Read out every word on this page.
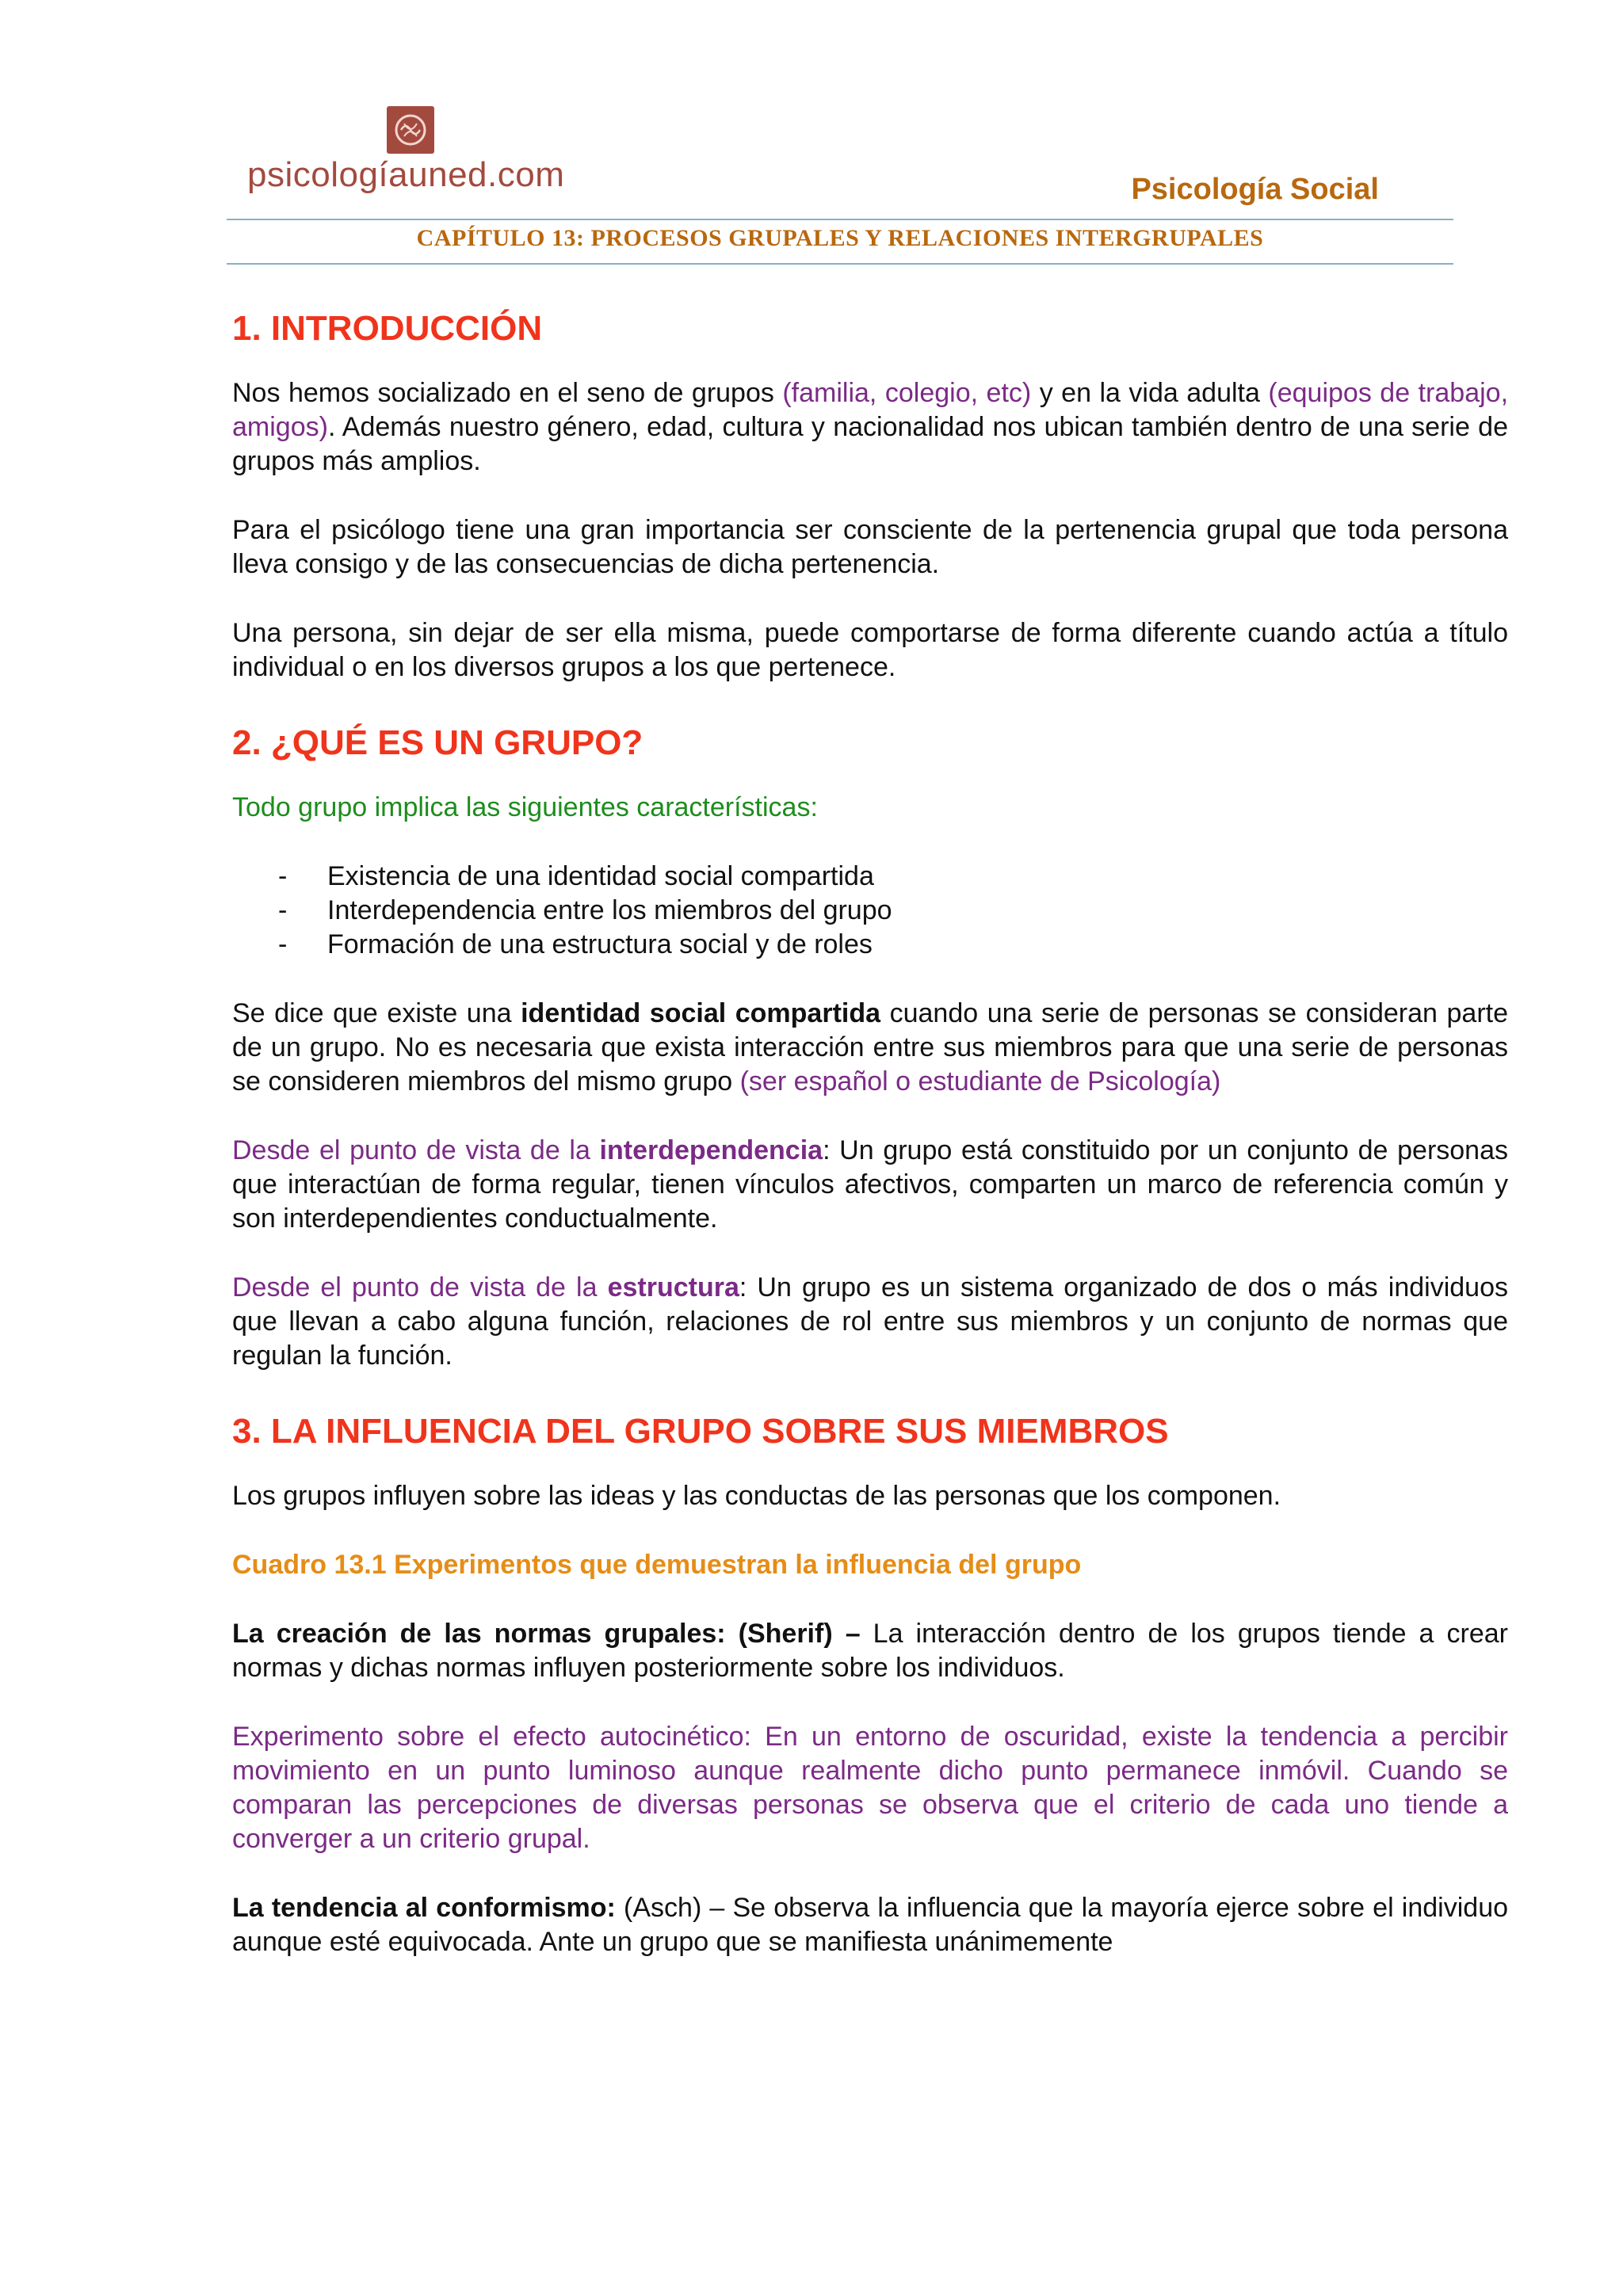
psicologíauned.com	Psicología Social
CAPÍTULO 13: PROCESOS GRUPALES Y RELACIONES INTERGRUPALES
1. INTRODUCCIÓN

Nos hemos socializado en el seno de grupos (familia, colegio, etc) y en la vida adulta (equipos de trabajo, amigos). Además nuestro género, edad, cultura y nacionalidad nos ubican también dentro de una serie de grupos más amplios.

Para el psicólogo tiene una gran importancia ser consciente de la pertenencia grupal que toda persona lleva consigo y de las consecuencias de dicha pertenencia.

Una persona, sin dejar de ser ella misma, puede comportarse de forma diferente cuando actúa a título individual o en los diversos grupos a los que pertenece.

2. ¿QUÉ ES UN GRUPO?

Todo grupo implica las siguientes características:

- Existencia de una identidad social compartida
- Interdependencia entre los miembros del grupo
- Formación de una estructura social y de roles

Se dice que existe una identidad social compartida cuando una serie de personas se consideran parte de un grupo. No es necesaria que exista interacción entre sus miembros para que una serie de personas se consideren miembros del mismo grupo (ser español o estudiante de Psicología)

Desde el punto de vista de la interdependencia: Un grupo está constituido por un conjunto de personas que interactúan de forma regular, tienen vínculos afectivos, comparten un marco de referencia común y son interdependientes conductualmente.

Desde el punto de vista de la estructura: Un grupo es un sistema organizado de dos o más individuos que llevan a cabo alguna función, relaciones de rol entre sus miembros y un conjunto de normas que regulan la función.

3. LA INFLUENCIA DEL GRUPO SOBRE SUS MIEMBROS

Los grupos influyen sobre las ideas y las conductas de las personas que los componen.

Cuadro 13.1 Experimentos que demuestran la influencia del grupo

La creación de las normas grupales: (Sherif) – La interacción dentro de los grupos tiende a crear normas y dichas normas influyen posteriormente sobre los individuos.

Experimento sobre el efecto autocinético: En un entorno de oscuridad, existe la tendencia a percibir movimiento en un punto luminoso aunque realmente dicho punto permanece inmóvil. Cuando se comparan las percepciones de diversas personas se observa que el criterio de cada uno tiende a converger a un criterio grupal.

La tendencia al conformismo: (Asch) – Se observa la influencia que la mayoría ejerce sobre el individuo aunque esté equivocada. Ante un grupo que se manifiesta unánimemente
